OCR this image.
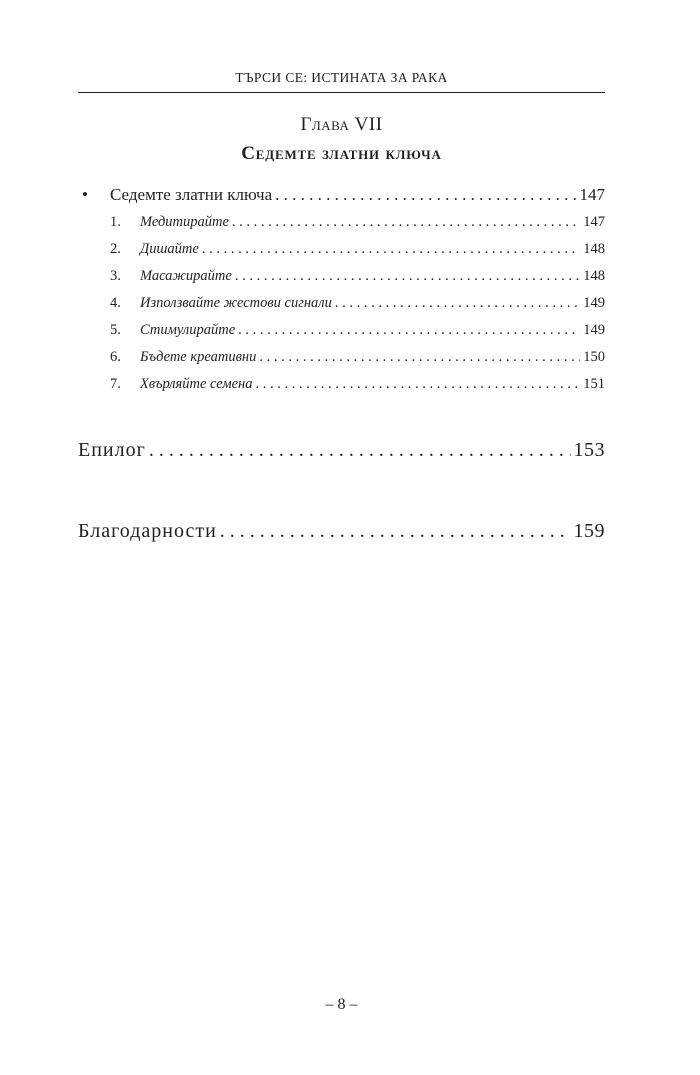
ТЪРСИ СЕ: ИСТИНАТА ЗА РАКА
Глава VII
Седемте златни ключа
•	Седемте златни ключа . . .	147
1.	Медитирайте . . .	147
2.	Дишайте . . .	148
3.	Масажирайте . . .	148
4.	Използвайте жестови сигнали . . .	149
5.	Стимулирайте . . .	149
6.	Бъдете креативни . . .	150
7.	Хвърляйте семена . . .	151
Епилог . . .	153
Благодарности . . .	159
– 8 –
